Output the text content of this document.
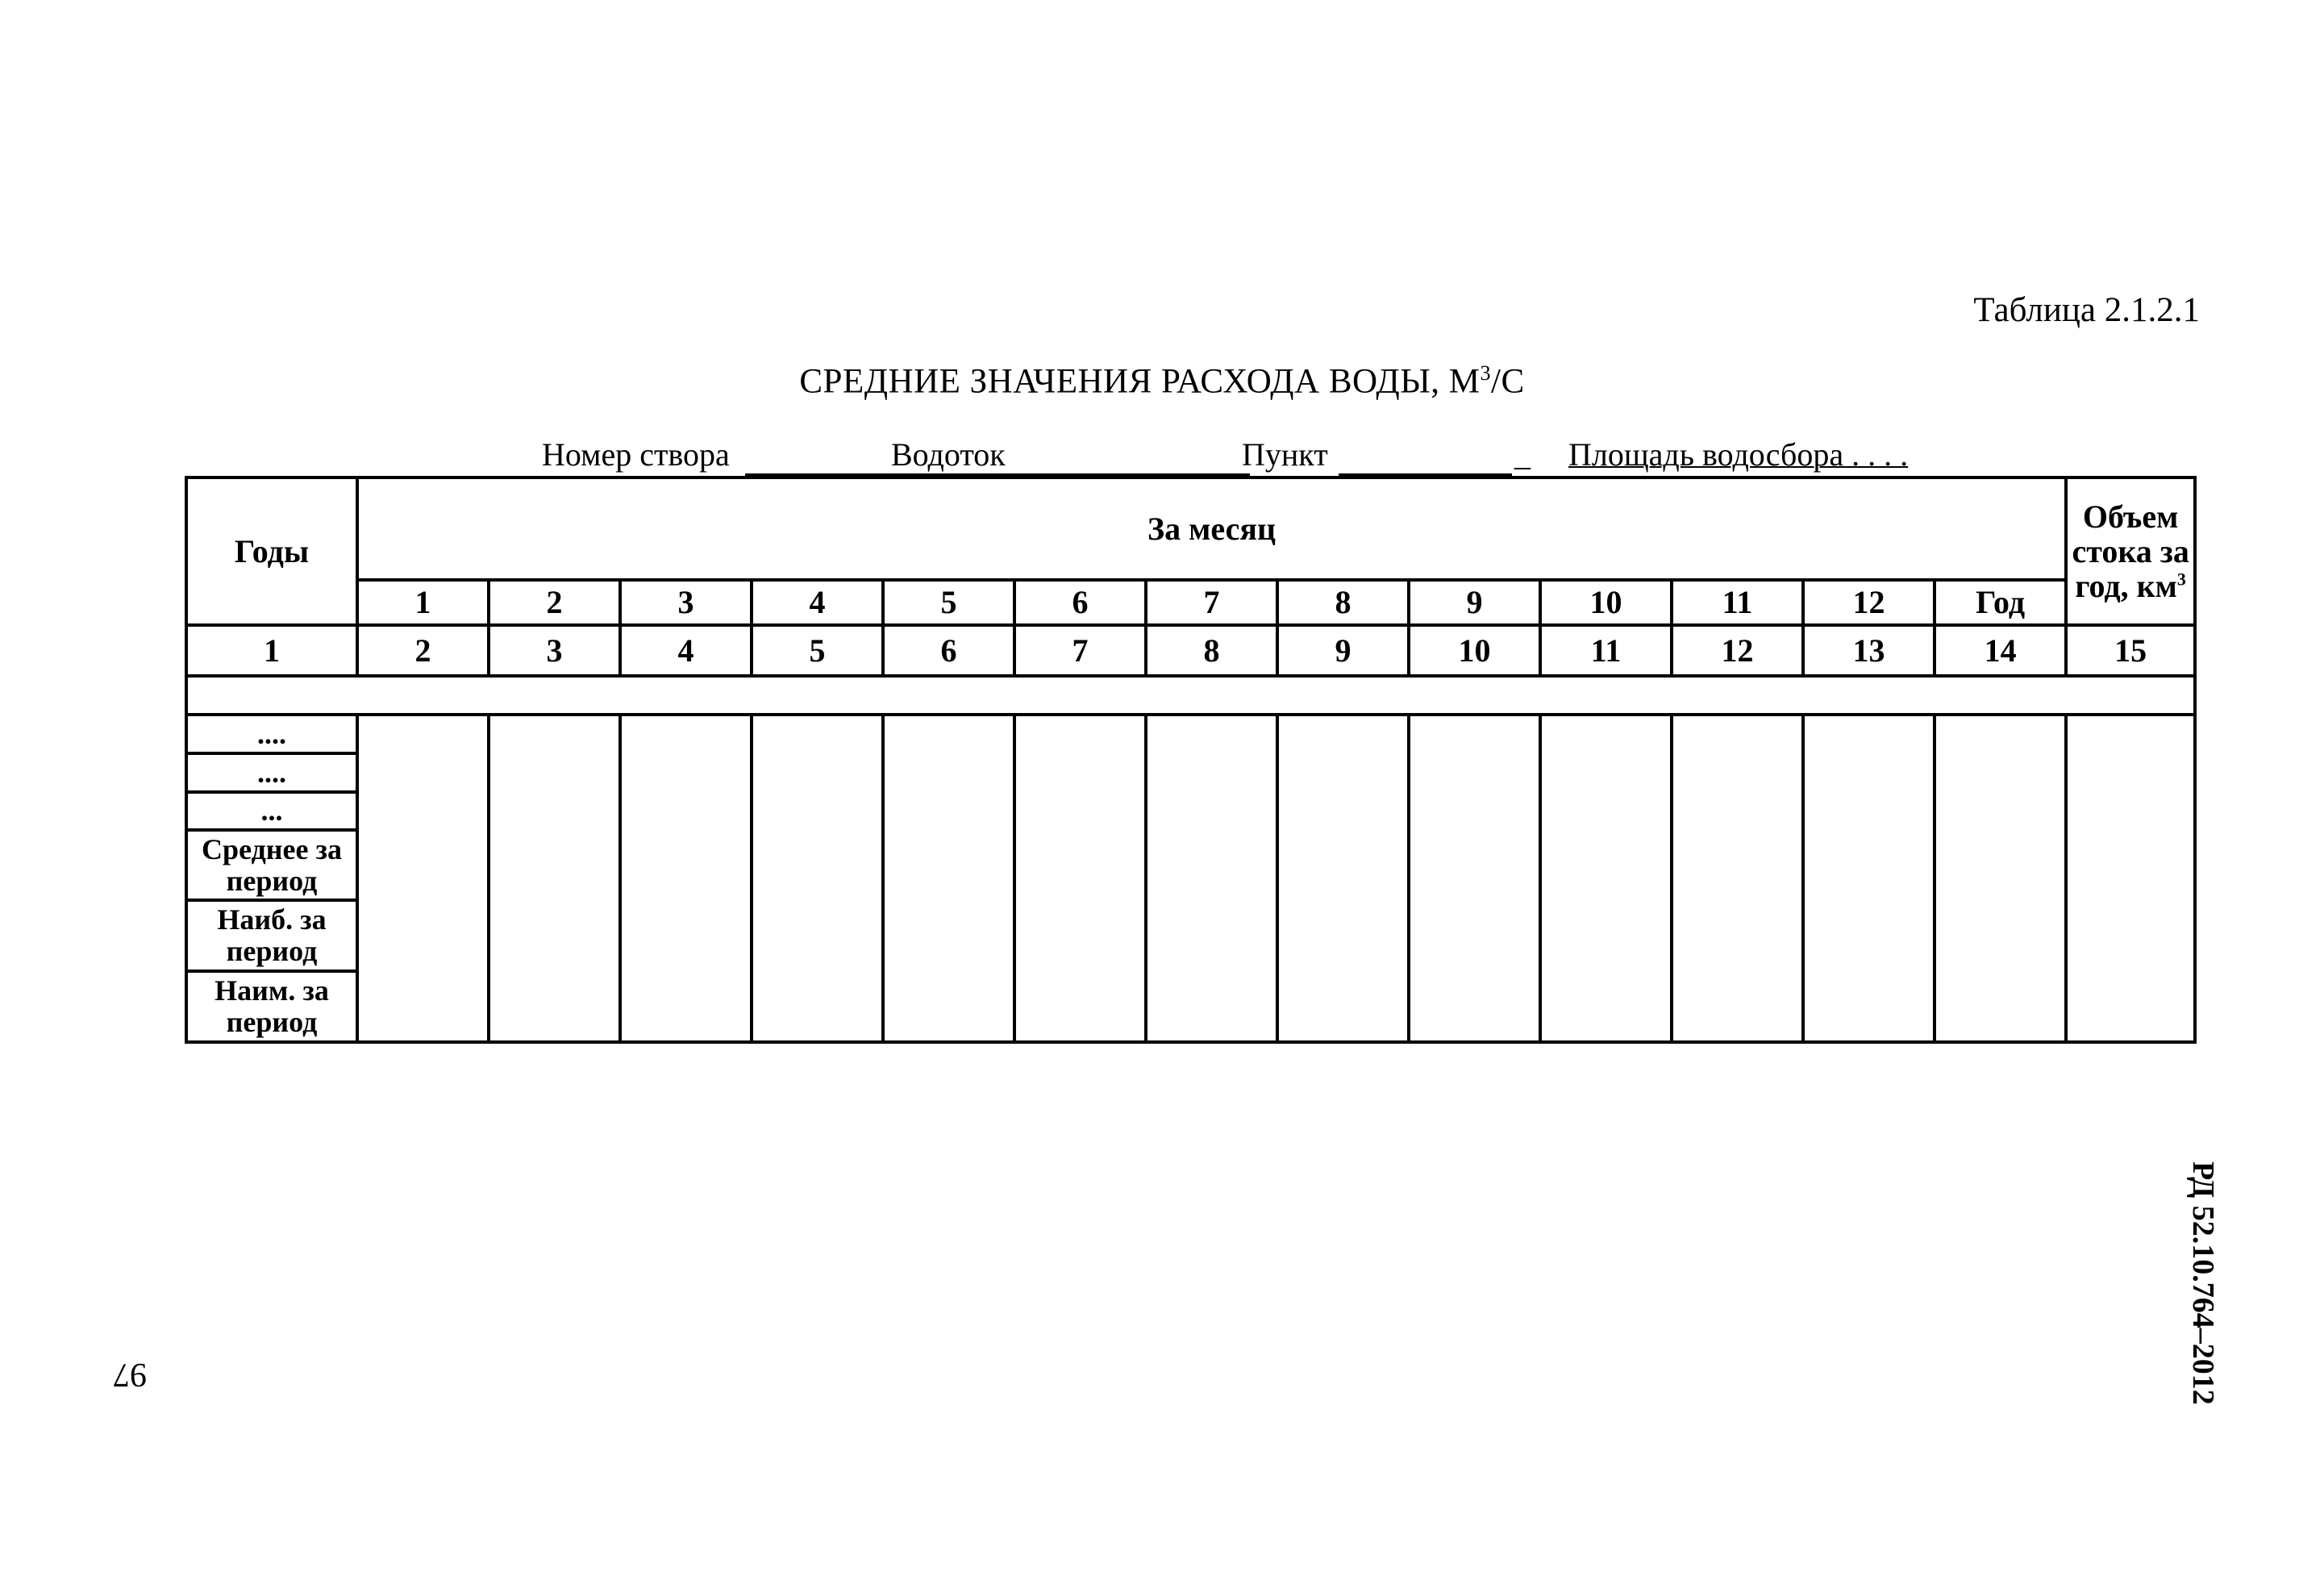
Таблица 2.1.2.1
СРЕДНИЕ ЗНАЧЕНИЯ РАСХОДА ВОДЫ, $М^3/С$
Номер створа	Водоток	Пункт	_ Площадь водосбора . . . .
Годы	За месяц													Объем стока за год, $км^3$
	1	2	3	4	5	6	7	8	9	10	11	12	Год	
1	2	3	4	5	6	7	8	9	10	11	12	13	14	15

....														
....														
...														
Среднее за период														
Наиб. за период														
Наим. за период														
97	РД 52.10.764–2012
